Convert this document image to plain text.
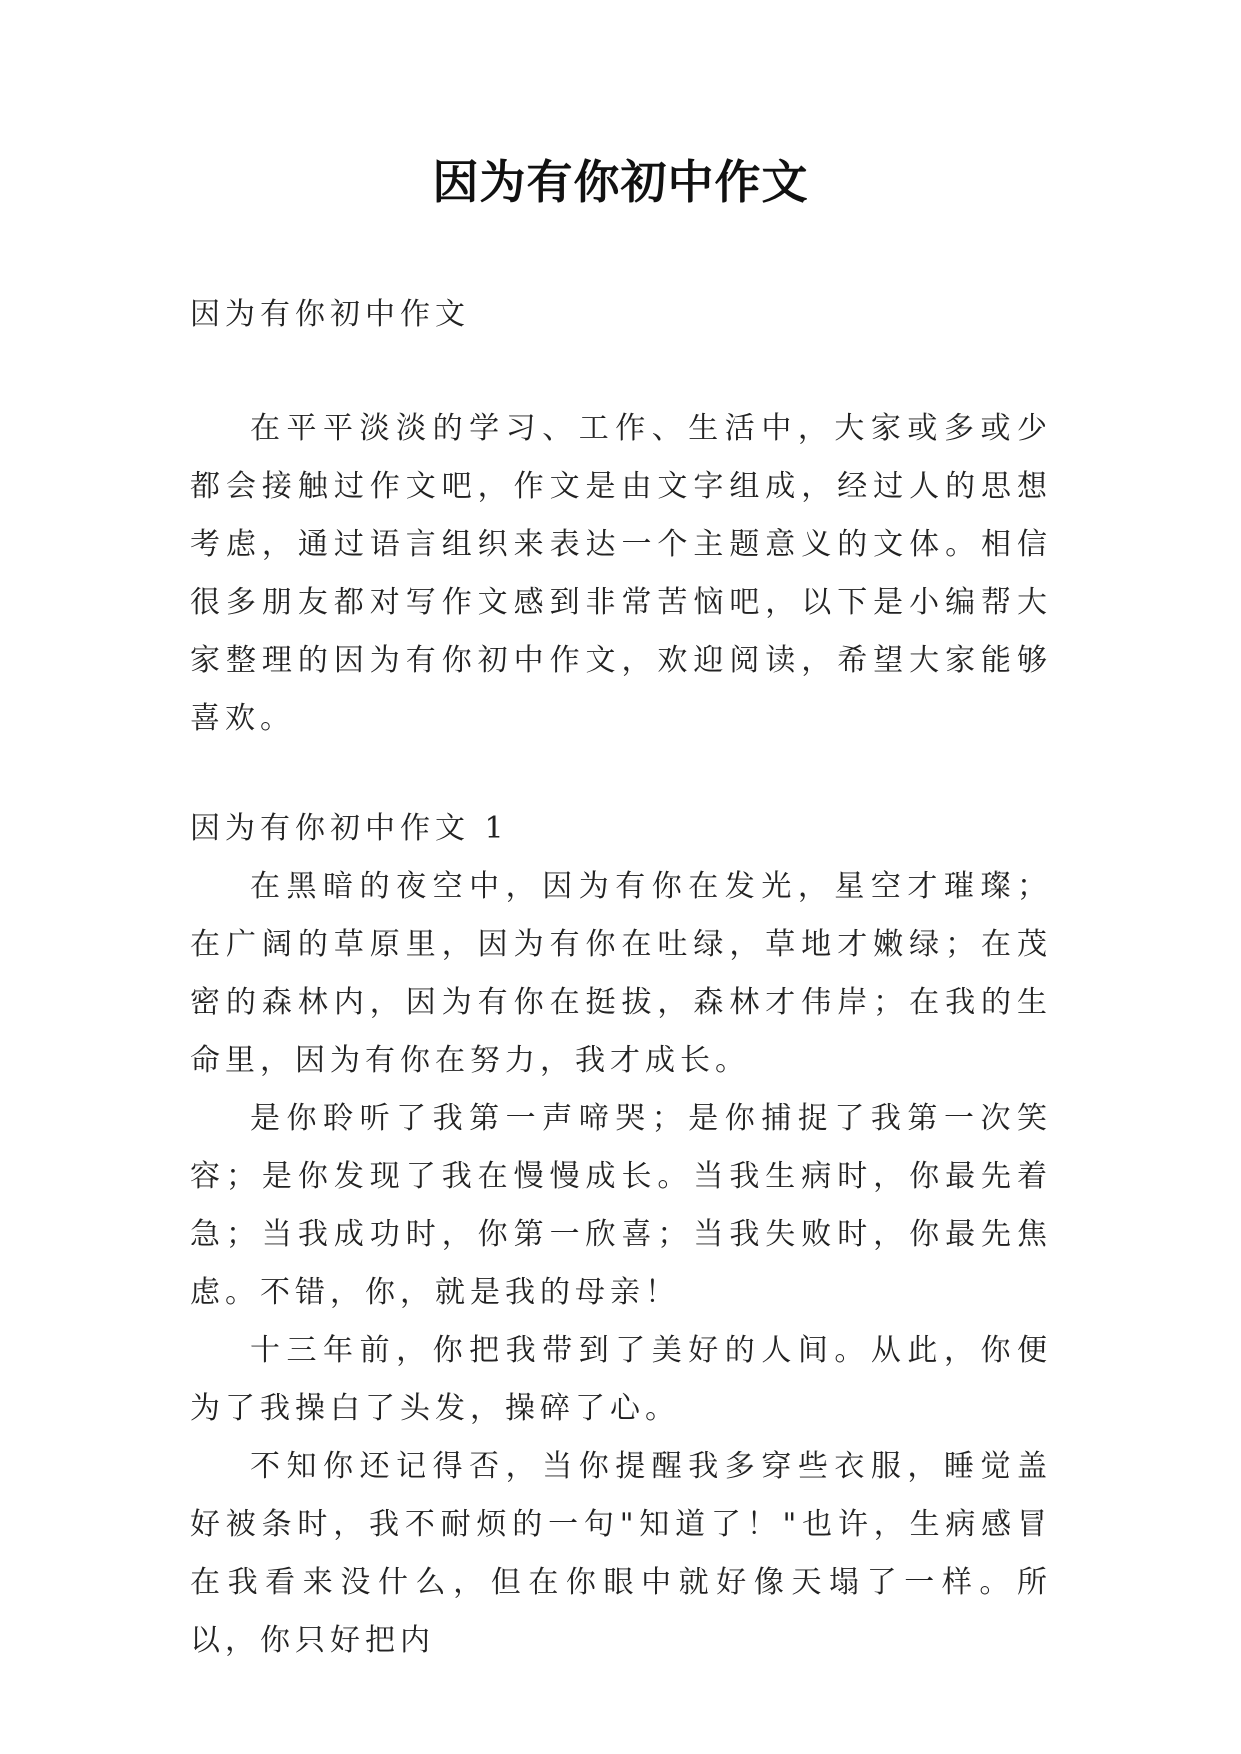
因为有你初中作文

因为有你初中作文

在平平淡淡的学习、工作、生活中，大家或多或少都会接触过作文吧，作文是由文字组成，经过人的思想考虑，通过语言组织来表达一个主题意义的文体。相信很多朋友都对写作文感到非常苦恼吧，以下是小编帮大家整理的因为有你初中作文，欢迎阅读，希望大家能够喜欢。

因为有你初中作文 1

在黑暗的夜空中，因为有你在发光，星空才璀璨；在广阔的草原里，因为有你在吐绿，草地才嫩绿；在茂密的森林内，因为有你在挺拔，森林才伟岸；在我的生命里，因为有你在努力，我才成长。

是你聆听了我第一声啼哭；是你捕捉了我第一次笑容；是你发现了我在慢慢成长。当我生病时，你最先着急；当我成功时，你第一欣喜；当我失败时，你最先焦虑。不错，你，就是我的母亲！

十三年前，你把我带到了美好的人间。从此，你便为了我操白了头发，操碎了心。

不知你还记得否，当你提醒我多穿些衣服，睡觉盖好被条时，我不耐烦的一句"知道了！"也许，生病感冒在我看来没什么，但在你眼中就好像天塌了一样。所以，你只好把内
